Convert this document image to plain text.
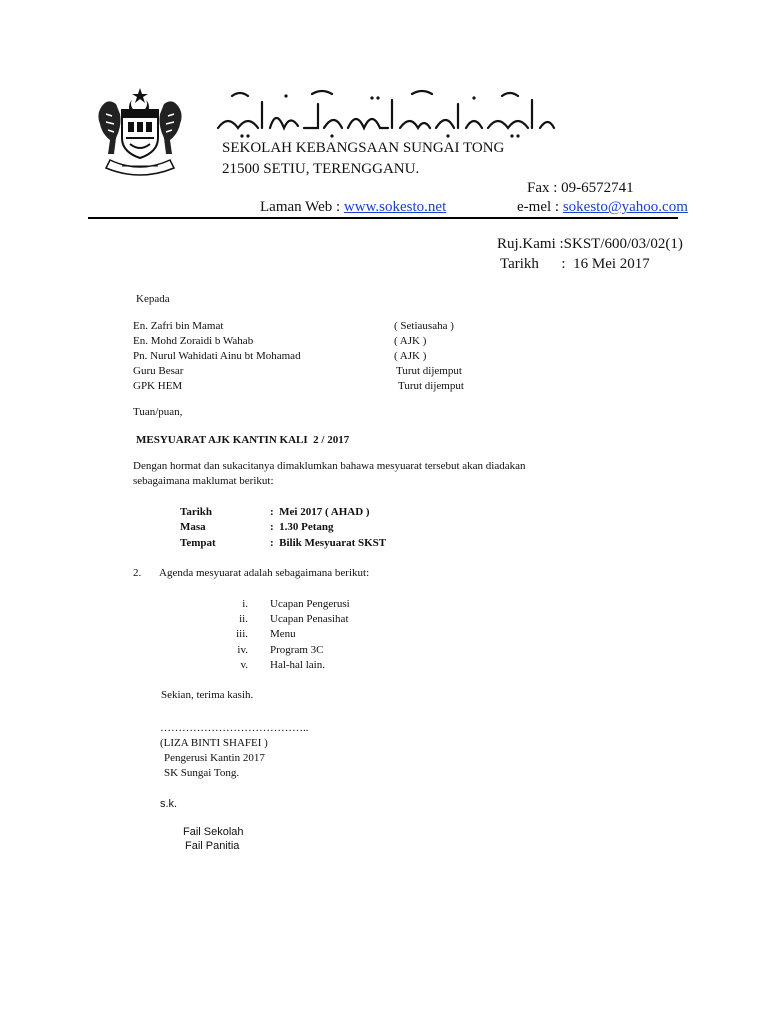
SEKOLAH KEBANGSAAN SUNGAI TONG
21500 SETIU, TERENGGANU.
Fax : 09-6572741
Laman Web : www.sokesto.net	e-mel : sokesto@yahoo.com
Ruj.Kami :SKST/600/03/02(1)
Tarikh      :  16 Mei 2017
Kepada
En. Zafri bin Mamat	( Setiausaha )
En. Mohd Zoraidi b Wahab	( AJK )
Pn. Nurul Wahidati Ainu bt Mohamad	( AJK )
Guru Besar	Turut dijemput
GPK HEM	Turut dijemput
Tuan/puan,
MESYUARAT AJK KANTIN KALI  2 / 2017
Dengan hormat dan sukacitanya dimaklumkan bahawa mesyuarat tersebut akan diadakan
sebagaimana maklumat berikut:
Tarikh	:  Mei 2017 ( AHAD )
Masa	:  1.30 Petang
Tempat	:  Bilik Mesyuarat SKST
2. Agenda mesyuarat adalah sebagaimana berikut:
i. Ucapan Pengerusi
ii. Ucapan Penasihat
iii. Menu
iv. Program 3C
v. Hal-hal lain.
Sekian, terima kasih.
…………………………………..
(LIZA BINTI SHAFEI )
Pengerusi Kantin 2017
SK Sungai Tong.
s.k.
Fail Sekolah
Fail Panitia
